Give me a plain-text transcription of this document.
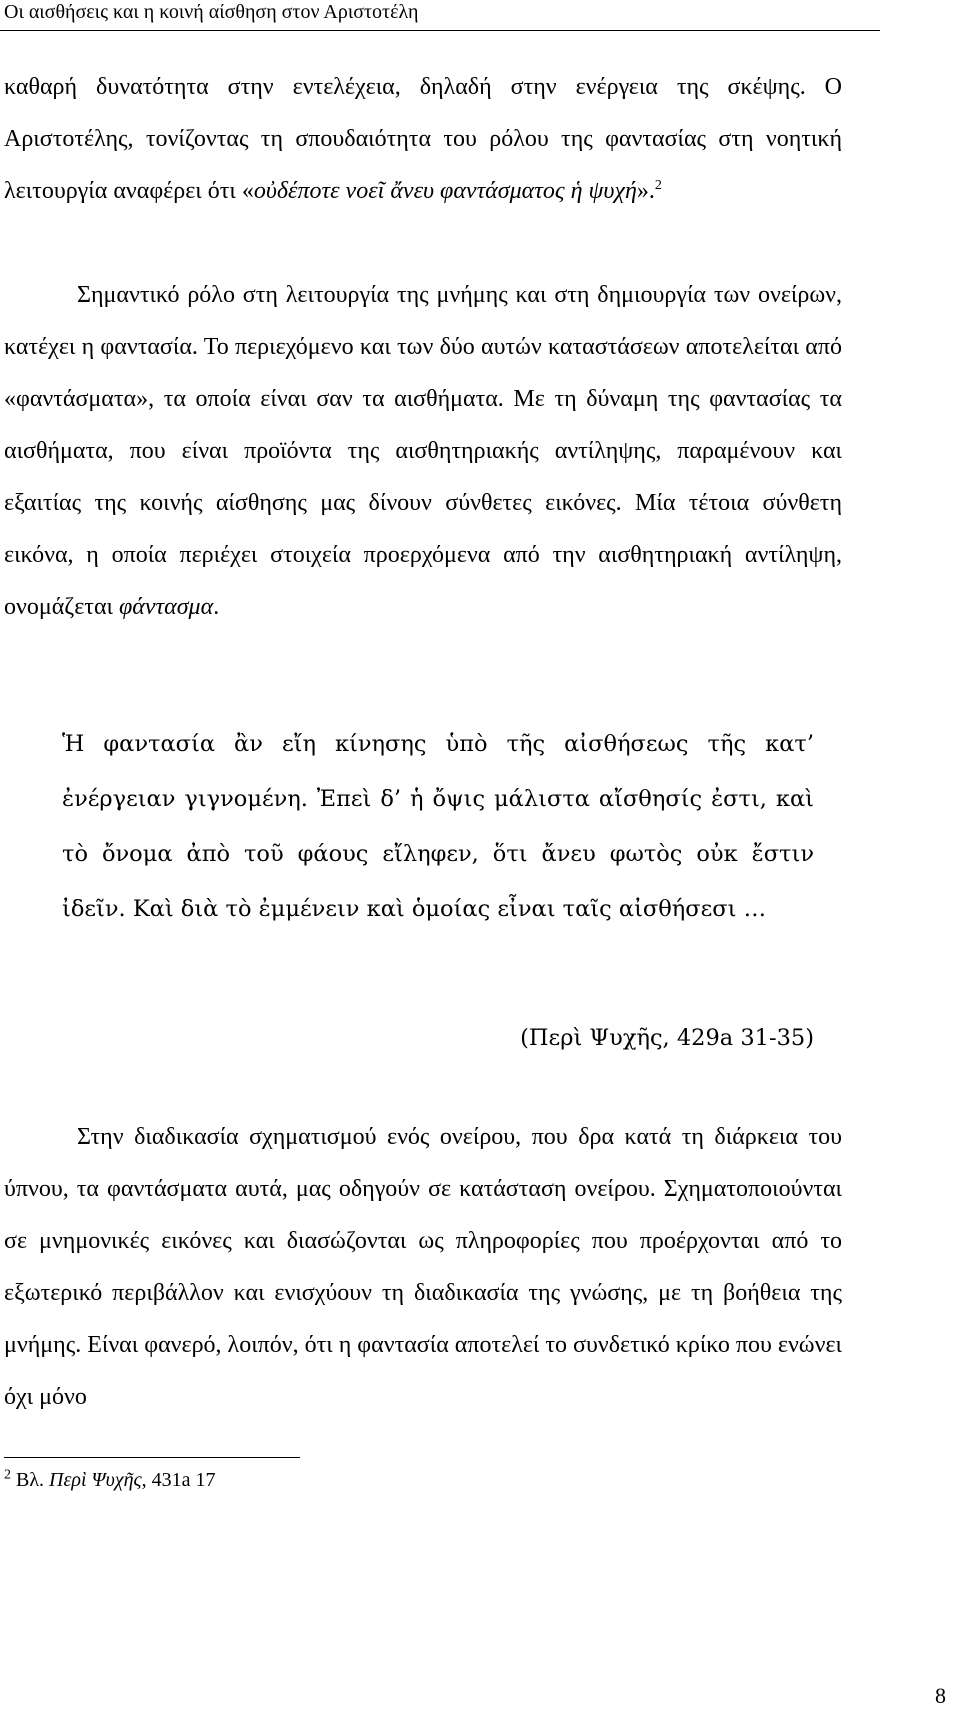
Οι αισθήσεις και η κοινή αίσθηση στον Αριστοτέλη
καθαρή δυνατότητα στην εντελέχεια, δηλαδή στην ενέργεια της σκέψης. Ο Αριστοτέλης, τονίζοντας τη σπουδαιότητα του ρόλου της φαντασίας στη νοητική λειτουργία αναφέρει ότι «οὐδέποτε νοεῖ ἄνευ φαντάσματος ἡ ψυχή».$^2$
Σημαντικό ρόλο στη λειτουργία της μνήμης και στη δημιουργία των ονείρων, κατέχει η φαντασία. Το περιεχόμενο και των δύο αυτών καταστάσεων αποτελείται από «φαντάσματα», τα οποία είναι σαν τα αισθήματα. Με τη δύναμη της φαντασίας τα αισθήματα, που είναι προϊόντα της αισθητηριακής αντίληψης, παραμένουν και εξαιτίας της κοινής αίσθησης μας δίνουν σύνθετες εικόνες. Μία τέτοια σύνθετη εικόνα, η οποία περιέχει στοιχεία προερχόμενα από την αισθητηριακή αντίληψη, ονομάζεται φάντασμα.
Ἡ φαντασία ἂν εἴη κίνησης ὑπὸ τῆς αἰσθήσεως τῆς κατ’ ἐνέργειαν γιγνομένη. Ἐπεὶ δ’ ἡ ὄψις μάλιστα αἴσθησίς ἐστι, καὶ τὸ ὄνομα ἀπὸ τοῦ φάους εἴληφεν, ὅτι ἄνευ φωτὸς οὐκ ἔστιν ἰδεῖν. Καὶ διὰ τὸ ἐμμένειν καὶ ὁμοίας εἶναι ταῖς αἰσθήσεσι …
(Περὶ Ψυχῆς, 429a 31-35)
Στην διαδικασία σχηματισμού ενός ονείρου, που δρα κατά τη διάρκεια του ύπνου, τα φαντάσματα αυτά, μας οδηγούν σε κατάσταση ονείρου. Σχηματοποιούνται σε μνημονικές εικόνες και διασώζονται ως πληροφορίες που προέρχονται από το εξωτερικό περιβάλλον και ενισχύουν τη διαδικασία της γνώσης, με τη βοήθεια της μνήμης. Είναι φανερό, λοιπόν, ότι η φαντασία αποτελεί το συνδετικό κρίκο που ενώνει όχι μόνο
$^2$ Βλ. Περὶ Ψυχῆς, 431a 17
8
